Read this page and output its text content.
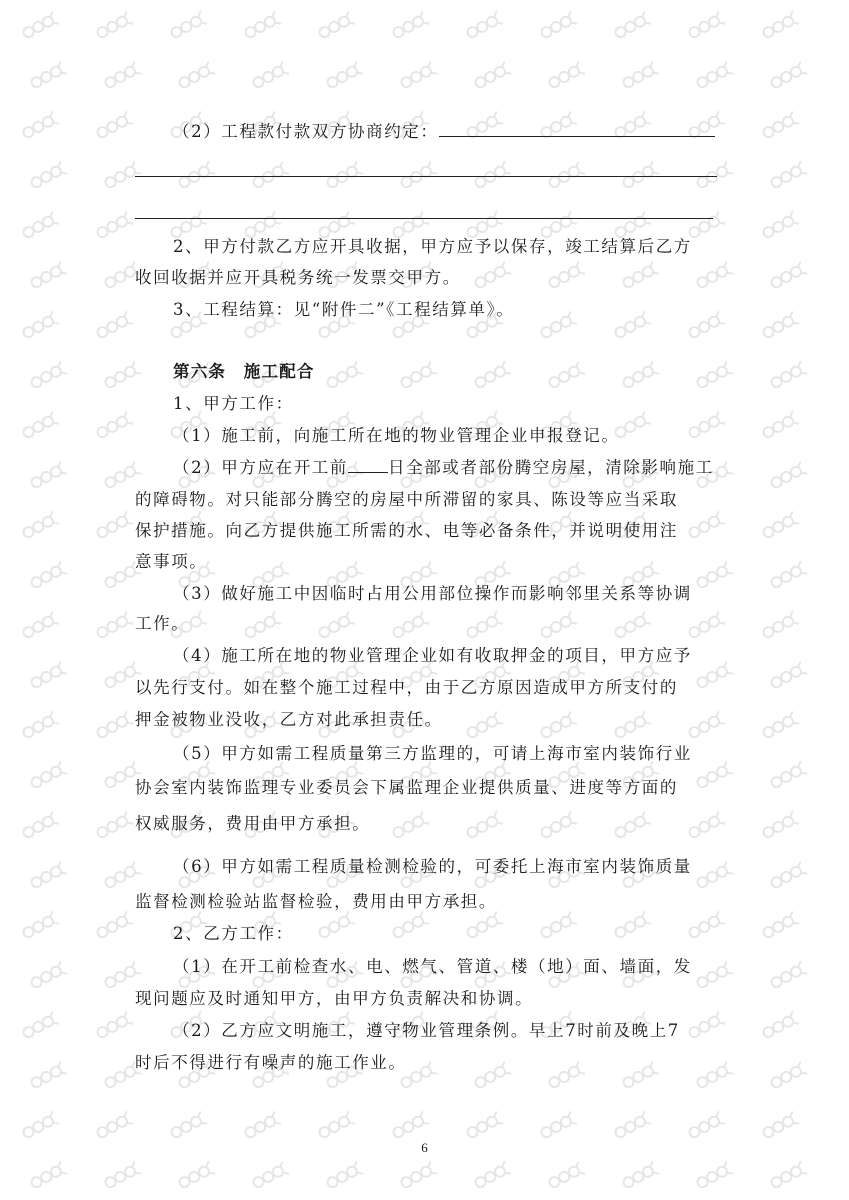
（2）工程款付款双方协商约定：
2、甲方付款乙方应开具收据，甲方应予以保存，竣工结算后乙方
收回收据并应开具税务统一发票交甲方。
3、工程结算：见“附件二”《工程结算单》。
第六条　施工配合
1、甲方工作：
（1）施工前，向施工所在地的物业管理企业申报登记。
（2）甲方应在开工前 日全部或者部份腾空房屋，清除影响施工
的障碍物。对只能部分腾空的房屋中所滞留的家具、陈设等应当采取
保护措施。向乙方提供施工所需的水、电等必备条件，并说明使用注
意事项。
（3）做好施工中因临时占用公用部位操作而影响邻里关系等协调
工作。
（4）施工所在地的物业管理企业如有收取押金的项目，甲方应予
以先行支付。如在整个施工过程中，由于乙方原因造成甲方所支付的
押金被物业没收，乙方对此承担责任。
（5）甲方如需工程质量第三方监理的，可请上海市室内装饰行业
协会室内装饰监理专业委员会下属监理企业提供质量、进度等方面的
权威服务，费用由甲方承担。
（6）甲方如需工程质量检测检验的，可委托上海市室内装饰质量
监督检测检验站监督检验，费用由甲方承担。
2、乙方工作：
（1）在开工前检查水、电、燃气、管道、楼（地）面、墙面，发
现问题应及时通知甲方，由甲方负责解决和协调。
（2）乙方应文明施工，遵守物业管理条例。早上7时前及晚上7
时后不得进行有噪声的施工作业。
6
